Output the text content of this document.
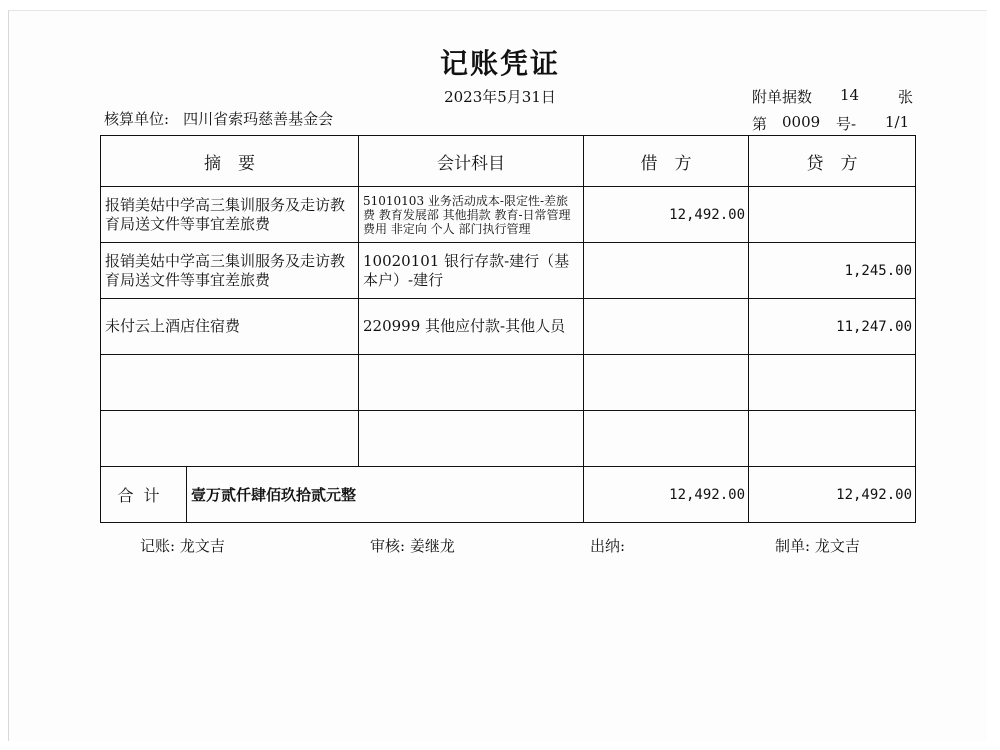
记账凭证
2023年5月31日
核算单位: 四川省索玛慈善基金会
附单据数 14	张
第 0009 号- 1/1
摘　要		会计科目	借　方	贷　方
报销美姑中学高三集训服务及走访教育局送文件等事宜差旅费		51010103 业务活动成本-限定性-差旅费 教育发展部 其他捐款 教育-日常管理费用 非定向 个人 部门执行管理	12,492.00	
报销美姑中学高三集训服务及走访教育局送文件等事宜差旅费		10020101 银行存款-建行（基本户）-建行		1,245.00
未付云上酒店住宿费		220999 其他应付款-其他人员		11,247.00

合计	壹万贰仟肆佰玖拾贰元整		12,492.00	12,492.00
记账: 龙文吉	审核: 姜继龙	出纳:	制单: 龙文吉
